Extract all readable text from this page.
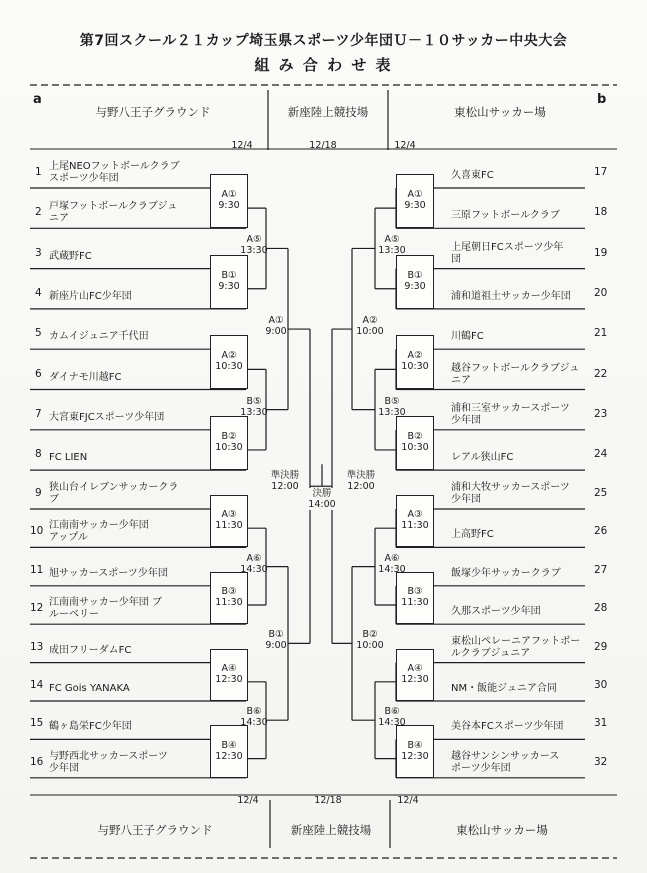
第7回スクール２１カップ埼玉県スポーツ少年団Ｕ－１０サッカー中央大会
組 み 合 わ せ 表
a	b
与野八王子グラウンド	新座陸上競技場	東松山サッカー場
12/4	12/18	12/4
12/4	12/18	12/4
与野八王子グラウンド	新座陸上競技場	東松山サッカー場
1 上尾NEOフットボールクラブ
スポーツ少年団
2 戸塚フットボールクラブジュ
ニア
3 武蔵野FC
4 新座片山FC少年団
5 カムイジュニア千代田
6 ダイナモ川越FC
7 大宮東FJCスポーツ少年団
8 FC LIEN
9 狭山台イレブンサッカークラ
ブ
10 江南南サッカー少年団
アップル
11 旭サッカースポーツ少年団
12 江南南サッカー少年団 ブ
ルーベリー
13 成田フリーダムFC
14 FC Gois YANAKA
15 鶴ヶ島栄FC少年団
16 与野西北サッカースポーツ
少年団
17
久喜東FC
18
三原フットボールクラブ
19
上尾朝日FCスポーツ少年
団
20
浦和道祖土サッカー少年団
21
川鶴FC
22
越谷フットボールクラブジュ
ニア
23
浦和三室サッカースポーツ
少年団
24
レアル狭山FC
25
浦和大牧サッカースポーツ
少年団
26
上高野FC
27
飯塚少年サッカークラブ
28
久那スポーツ少年団
29
東松山ペレーニアフットボー
ルクラブジュニア
30
NM・飯能ジュニア合同
31
美谷本FCスポーツ少年団
32
越谷サンシンサッカース
ポーツ少年団
A①
9:30
B①
9:30
A②
10:30
B②
10:30
A③
11:30
B③
11:30
A④
12:30
B④
12:30
A①
9:30
B①
9:30
A②
10:30
B②
10:30
A③
11:30
B③
11:30
A④
12:30
B④
12:30
A⑤
13:30
B⑤
13:30
A⑥
14:30
B⑥
14:30
A⑤
13:30
B⑤
13:30
A⑥
14:30
B⑥
14:30
A①
9:00
B①
9:00
A②
10:00
B②
10:00
準決勝
12:00
準決勝
12:00
決勝
14:00
